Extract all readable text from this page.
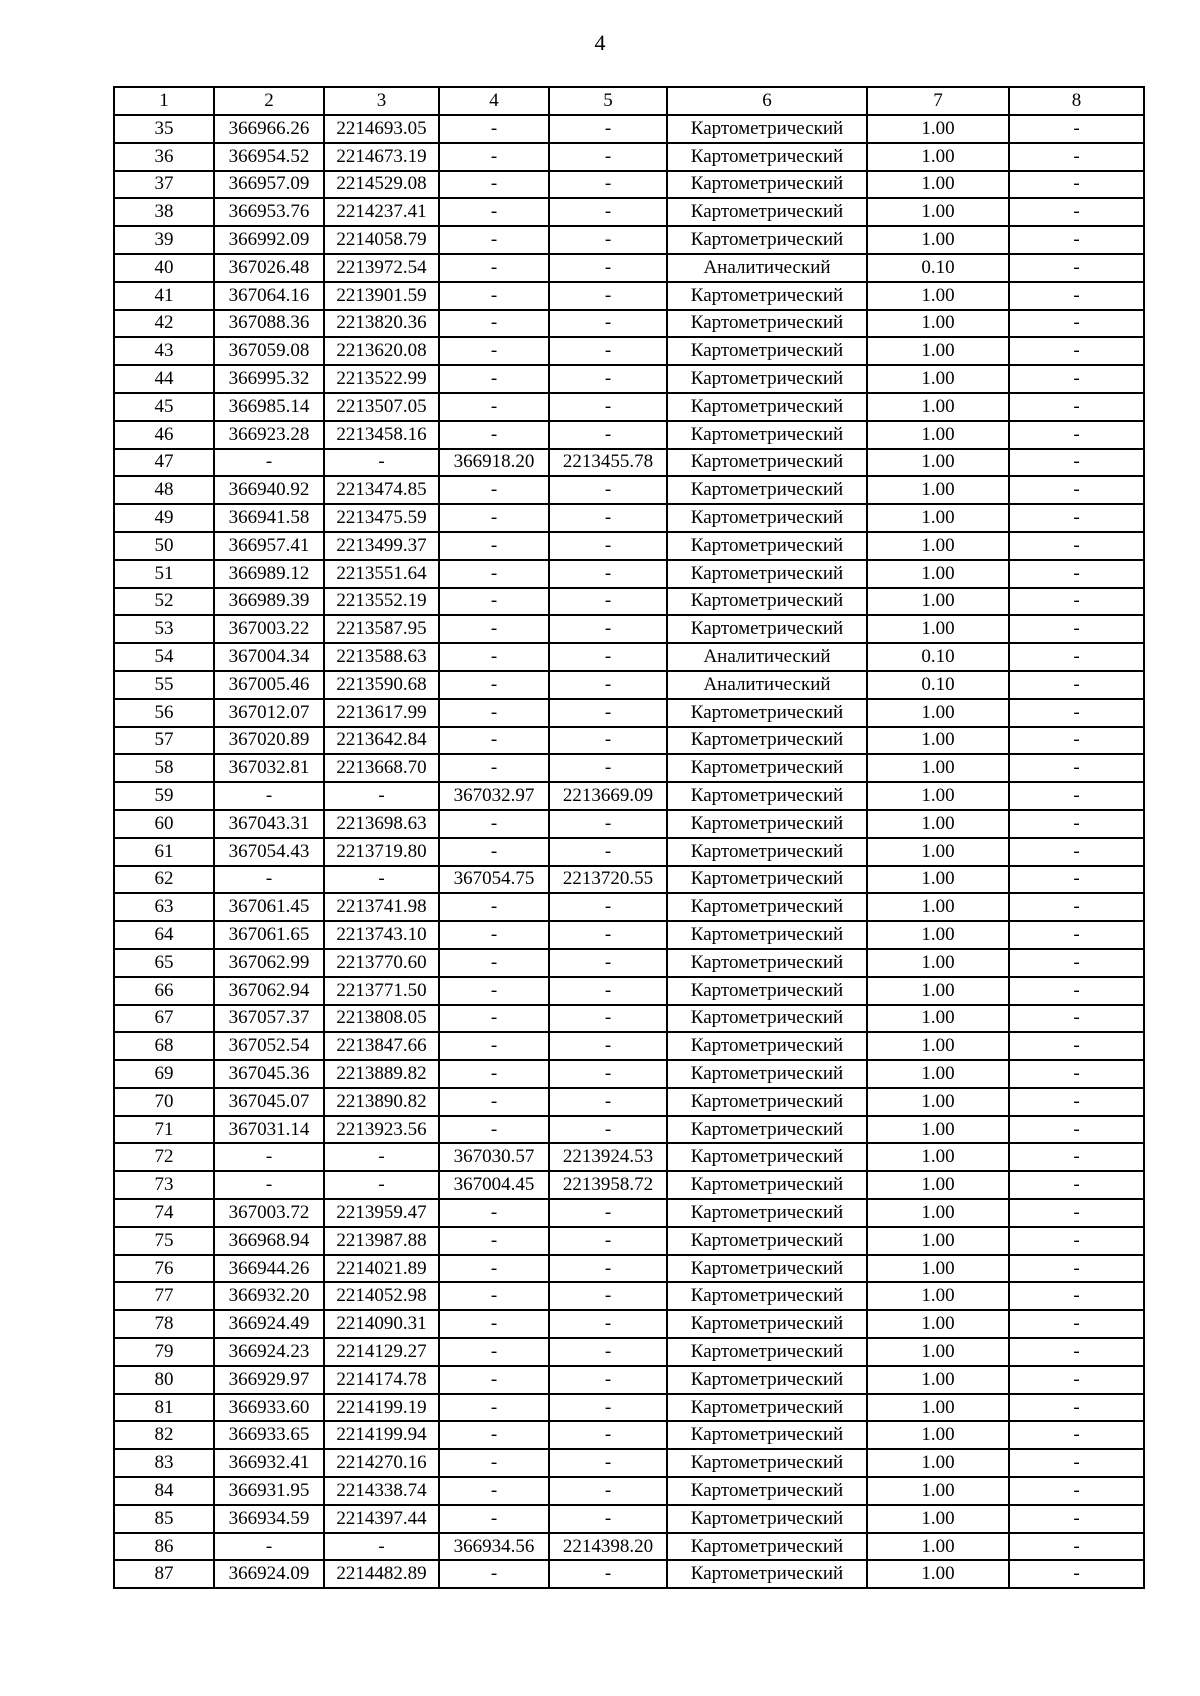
4
1	2	3	4	5	6	7	8
35	366966.26	2214693.05	-	-	Картометрический	1.00	-
36	366954.52	2214673.19	-	-	Картометрический	1.00	-
37	366957.09	2214529.08	-	-	Картометрический	1.00	-
38	366953.76	2214237.41	-	-	Картометрический	1.00	-
39	366992.09	2214058.79	-	-	Картометрический	1.00	-
40	367026.48	2213972.54	-	-	Аналитический	0.10	-
41	367064.16	2213901.59	-	-	Картометрический	1.00	-
42	367088.36	2213820.36	-	-	Картометрический	1.00	-
43	367059.08	2213620.08	-	-	Картометрический	1.00	-
44	366995.32	2213522.99	-	-	Картометрический	1.00	-
45	366985.14	2213507.05	-	-	Картометрический	1.00	-
46	366923.28	2213458.16	-	-	Картометрический	1.00	-
47	-	-	366918.20	2213455.78	Картометрический	1.00	-
48	366940.92	2213474.85	-	-	Картометрический	1.00	-
49	366941.58	2213475.59	-	-	Картометрический	1.00	-
50	366957.41	2213499.37	-	-	Картометрический	1.00	-
51	366989.12	2213551.64	-	-	Картометрический	1.00	-
52	366989.39	2213552.19	-	-	Картометрический	1.00	-
53	367003.22	2213587.95	-	-	Картометрический	1.00	-
54	367004.34	2213588.63	-	-	Аналитический	0.10	-
55	367005.46	2213590.68	-	-	Аналитический	0.10	-
56	367012.07	2213617.99	-	-	Картометрический	1.00	-
57	367020.89	2213642.84	-	-	Картометрический	1.00	-
58	367032.81	2213668.70	-	-	Картометрический	1.00	-
59	-	-	367032.97	2213669.09	Картометрический	1.00	-
60	367043.31	2213698.63	-	-	Картометрический	1.00	-
61	367054.43	2213719.80	-	-	Картометрический	1.00	-
62	-	-	367054.75	2213720.55	Картометрический	1.00	-
63	367061.45	2213741.98	-	-	Картометрический	1.00	-
64	367061.65	2213743.10	-	-	Картометрический	1.00	-
65	367062.99	2213770.60	-	-	Картометрический	1.00	-
66	367062.94	2213771.50	-	-	Картометрический	1.00	-
67	367057.37	2213808.05	-	-	Картометрический	1.00	-
68	367052.54	2213847.66	-	-	Картометрический	1.00	-
69	367045.36	2213889.82	-	-	Картометрический	1.00	-
70	367045.07	2213890.82	-	-	Картометрический	1.00	-
71	367031.14	2213923.56	-	-	Картометрический	1.00	-
72	-	-	367030.57	2213924.53	Картометрический	1.00	-
73	-	-	367004.45	2213958.72	Картометрический	1.00	-
74	367003.72	2213959.47	-	-	Картометрический	1.00	-
75	366968.94	2213987.88	-	-	Картометрический	1.00	-
76	366944.26	2214021.89	-	-	Картометрический	1.00	-
77	366932.20	2214052.98	-	-	Картометрический	1.00	-
78	366924.49	2214090.31	-	-	Картометрический	1.00	-
79	366924.23	2214129.27	-	-	Картометрический	1.00	-
80	366929.97	2214174.78	-	-	Картометрический	1.00	-
81	366933.60	2214199.19	-	-	Картометрический	1.00	-
82	366933.65	2214199.94	-	-	Картометрический	1.00	-
83	366932.41	2214270.16	-	-	Картометрический	1.00	-
84	366931.95	2214338.74	-	-	Картометрический	1.00	-
85	366934.59	2214397.44	-	-	Картометрический	1.00	-
86	-	-	366934.56	2214398.20	Картометрический	1.00	-
87	366924.09	2214482.89	-	-	Картометрический	1.00	-
